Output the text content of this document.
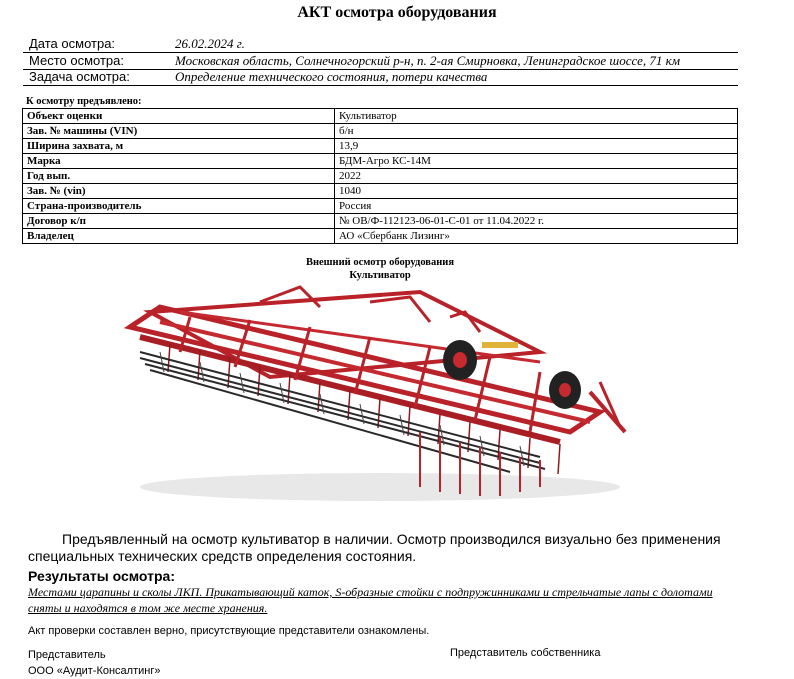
АКТ осмотра оборудования
Дата осмотра:	26.02.2024 г.
Место осмотра:	Московская область, Солнечногорский р-н, п. 2-ая Смирновка, Ленинградское шоссе, 71 км
Задача осмотра:	Определение технического состояния, потери качества
К осмотру предъявлено:
Объект оценки	Культиватор
Зав. № машины (VIN)	б/н
Ширина захвата, м	13,9
Марка	БДМ-Агро КС-14М
Год вып.	2022
Зав. № (vin)	1040
Страна-производитель	Россия
Договор к/п	№ ОВ/Ф-112123-06-01-С-01 от 11.04.2022 г.
Владелец	АО «Сбербанк Лизинг»
Внешний осмотр оборудования
Культиватор
Предъявленный на осмотр культиватор в наличии. Осмотр производился визуально без применения специальных технических средств определения состояния.
Результаты осмотра:
Местами царапины и сколы ЛКП. Прикатывающий каток, S-образные стойки с подпружинниками и стрельчатые лапы с долотами сняты и находятся в том же месте хранения.
Акт проверки составлен верно, присутствующие представители ознакомлены.
Представитель
ООО «Аудит-Консалтинг»
Представитель собственника
